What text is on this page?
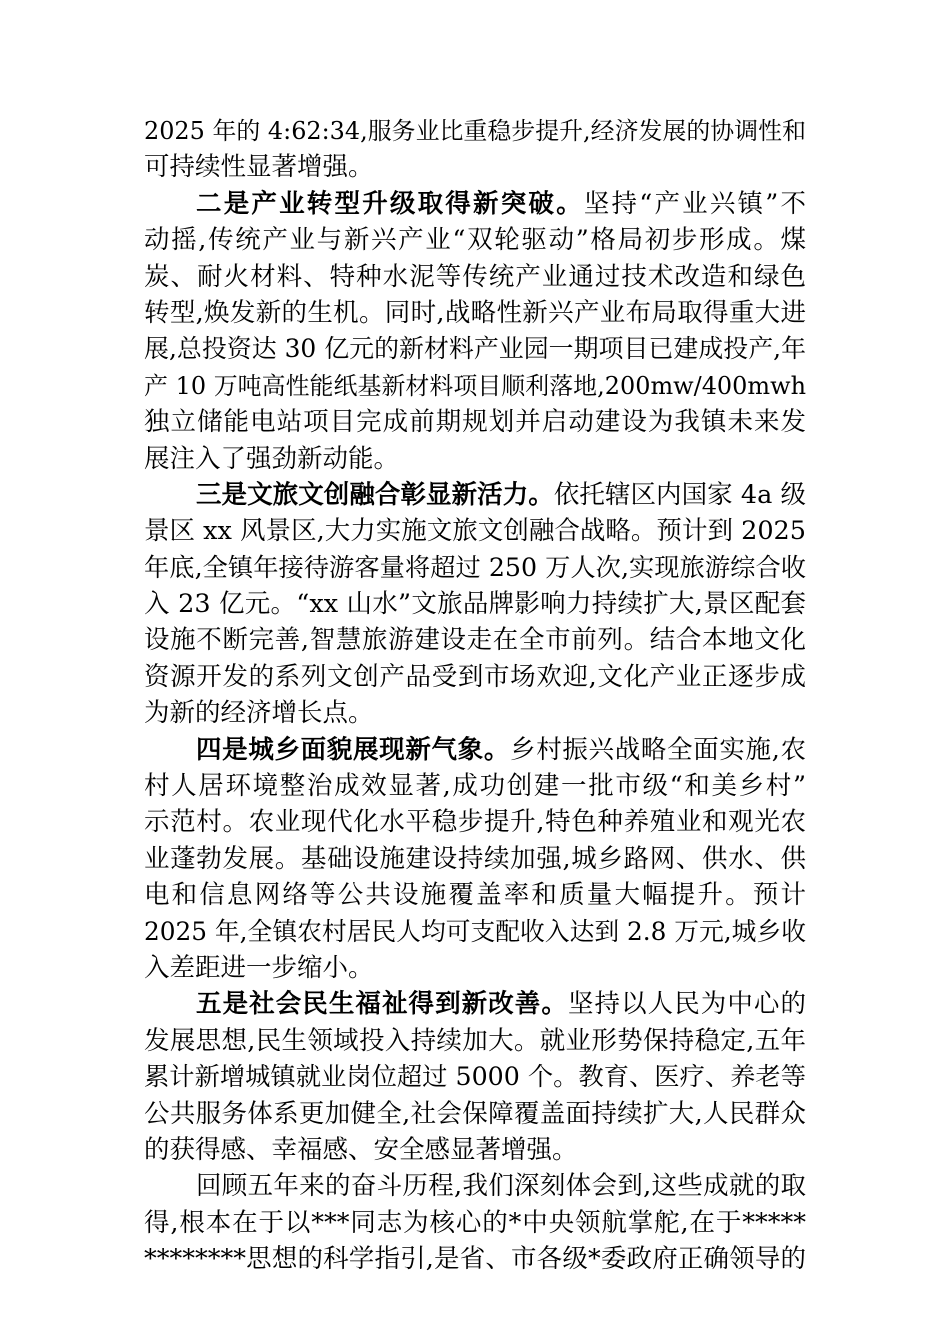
2025 年的 4:62:34,服务业比重稳步提升,经济发展的协调性和
可持续性显著增强。
二是产业转型升级取得新突破。坚持“产业兴镇”不
动摇,传统产业与新兴产业“双轮驱动”格局初步形成。煤
炭、耐火材料、特种水泥等传统产业通过技术改造和绿色
转型,焕发新的生机。同时,战略性新兴产业布局取得重大进
展,总投资达 30 亿元的新材料产业园一期项目已建成投产,年
产 10 万吨高性能纸基新材料项目顺利落地,200mw/400mwh
独立储能电站项目完成前期规划并启动建设为我镇未来发
展注入了强劲新动能。
三是文旅文创融合彰显新活力。依托辖区内国家 4a 级
景区 xx 风景区,大力实施文旅文创融合战略。预计到 2025
年底,全镇年接待游客量将超过 250 万人次,实现旅游综合收
入 23 亿元。“xx 山水”文旅品牌影响力持续扩大,景区配套
设施不断完善,智慧旅游建设走在全市前列。结合本地文化
资源开发的系列文创产品受到市场欢迎,文化产业正逐步成
为新的经济增长点。
四是城乡面貌展现新气象。乡村振兴战略全面实施,农
村人居环境整治成效显著,成功创建一批市级“和美乡村”
示范村。农业现代化水平稳步提升,特色种养殖业和观光农
业蓬勃发展。基础设施建设持续加强,城乡路网、供水、供
电和信息网络等公共设施覆盖率和质量大幅提升。预计
2025 年,全镇农村居民人均可支配收入达到 2.8 万元,城乡收
入差距进一步缩小。
五是社会民生福祉得到新改善。坚持以人民为中心的
发展思想,民生领域投入持续加大。就业形势保持稳定,五年
累计新增城镇就业岗位超过 5000 个。教育、医疗、养老等
公共服务体系更加健全,社会保障覆盖面持续扩大,人民群众
的获得感、幸福感、安全感显著增强。
回顾五年来的奋斗历程,我们深刻体会到,这些成就的取
得,根本在于以***同志为核心的*中央领航掌舵,在于*****
********思想的科学指引,是省、市各级*委政府正确领导的
